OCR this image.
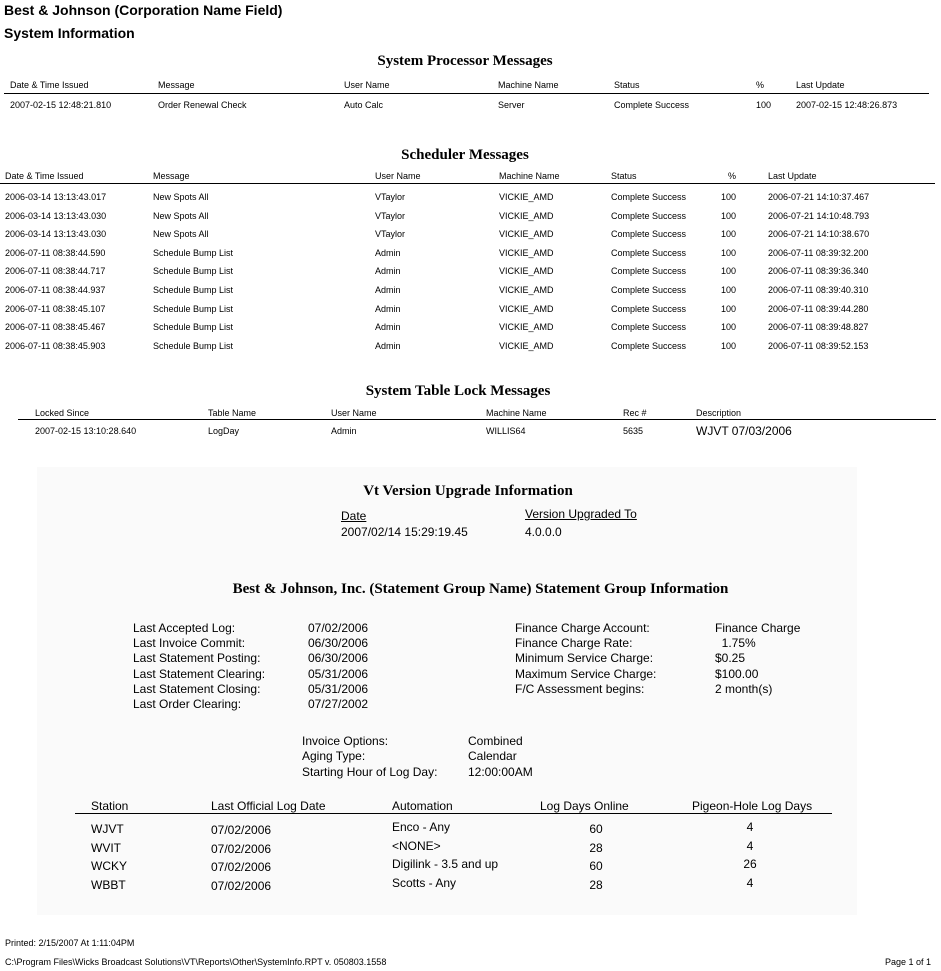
Best & Johnson (Corporation Name Field)
System Information
System Processor Messages
Date & Time Issued	Message	User Name	Machine Name	Status	%	Last Update
2007-02-15 12:48:21.810	Order Renewal Check	Auto Calc	Server	Complete Success	100	2007-02-15 12:48:26.873
Scheduler Messages
Date & Time Issued	Message	User Name	Machine Name	Status	%	Last Update
2006-03-14 13:13:43.017	New Spots All	VTaylor	VICKIE_AMD	Complete Success	100	2006-07-21 14:10:37.467
2006-03-14 13:13:43.030	New Spots All	VTaylor	VICKIE_AMD	Complete Success	100	2006-07-21 14:10:48.793
2006-03-14 13:13:43.030	New Spots All	VTaylor	VICKIE_AMD	Complete Success	100	2006-07-21 14:10:38.670
2006-07-11 08:38:44.590	Schedule Bump List	Admin	VICKIE_AMD	Complete Success	100	2006-07-11 08:39:32.200
2006-07-11 08:38:44.717	Schedule Bump List	Admin	VICKIE_AMD	Complete Success	100	2006-07-11 08:39:36.340
2006-07-11 08:38:44.937	Schedule Bump List	Admin	VICKIE_AMD	Complete Success	100	2006-07-11 08:39:40.310
2006-07-11 08:38:45.107	Schedule Bump List	Admin	VICKIE_AMD	Complete Success	100	2006-07-11 08:39:44.280
2006-07-11 08:38:45.467	Schedule Bump List	Admin	VICKIE_AMD	Complete Success	100	2006-07-11 08:39:48.827
2006-07-11 08:38:45.903	Schedule Bump List	Admin	VICKIE_AMD	Complete Success	100	2006-07-11 08:39:52.153
System Table Lock Messages
Locked Since	Table Name	User Name	Machine Name	Rec #	Description
2007-02-15 13:10:28.640	LogDay	Admin	WILLIS64	5635	WJVT 07/03/2006
Vt Version Upgrade Information
Date	Version Upgraded To
2007/02/14 15:29:19.45	4.0.0.0
Best & Johnson, Inc. (Statement Group Name) Statement Group Information
Last Accepted Log:	07/02/2006
Last Invoice Commit:	06/30/2006
Last Statement Posting:	06/30/2006
Last Statement Clearing:	05/31/2006
Last Statement Closing:	05/31/2006
Last Order Clearing:	07/27/2002
Finance Charge Account:	Finance Charge
Finance Charge Rate:	1.75%
Minimum Service Charge:	$0.25
Maximum Service Charge:	$100.00
F/C Assessment begins:	2 month(s)
Invoice Options:	Combined
Aging Type:	Calendar
Starting Hour of Log Day:	12:00:00AM
Station	Last Official Log Date	Automation	Log Days Online	Pigeon-Hole Log Days
WJVT	07/02/2006	Enco - Any	60	4
WVIT	07/02/2006	<NONE>	28	4
WCKY	07/02/2006	Digilink - 3.5 and up	60	26
WBBT	07/02/2006	Scotts - Any	28	4
Printed: 2/15/2007 At 1:11:04PM
C:\Program Files\Wicks Broadcast Solutions\VT\Reports\Other\SystemInfo.RPT v. 050803.1558	Page 1 of 1
